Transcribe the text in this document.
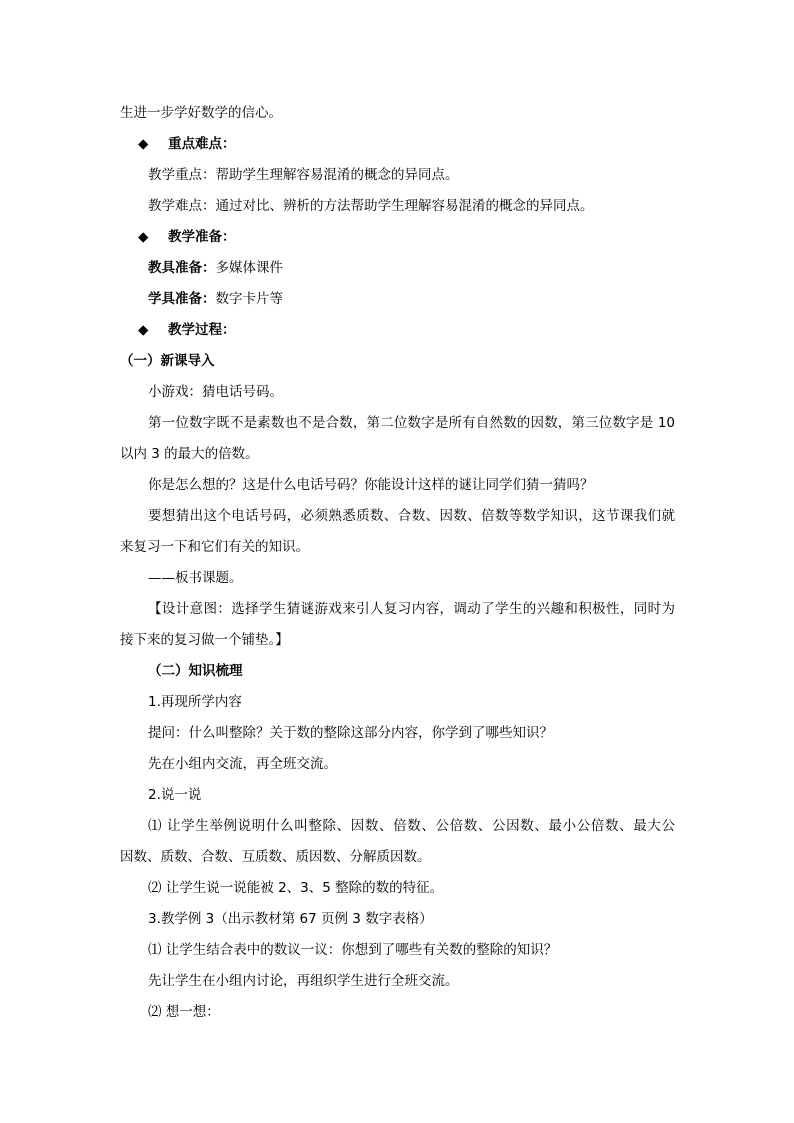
生进一步学好数学的信心。
◆ 重点难点：
教学重点：帮助学生理解容易混淆的概念的异同点。
教学难点：通过对比、辨析的方法帮助学生理解容易混淆的概念的异同点。
◆ 教学准备：
教具准备：多媒体课件
学具准备：数字卡片等
◆ 教学过程：
（一）新课导入
小游戏：猜电话号码。
第一位数字既不是素数也不是合数，第二位数字是所有自然数的因数，第三位数字是 10
以内 3 的最大的倍数。
你是怎么想的？这是什么电话号码？你能设计这样的谜让同学们猜一猜吗？
要想猜出这个电话号码，必须熟悉质数、合数、因数、倍数等数学知识，这节课我们就
来复习一下和它们有关的知识。
——板书课题。
【设计意图：选择学生猜谜游戏来引人复习内容，调动了学生的兴趣和积极性，同时为
接下来的复习做一个铺垫。】
（二）知识梳理
1.再现所学内容
提问：什么叫整除？关于数的整除这部分内容，你学到了哪些知识？
先在小组内交流，再全班交流。
2.说一说
⑴ 让学生举例说明什么叫整除、因数、倍数、公倍数、公因数、最小公倍数、最大公
因数、质数、合数、互质数、质因数、分解质因数。
⑵ 让学生说一说能被 2、3、5 整除的数的特征。
3.教学例 3（出示教材第 67 页例 3 数字表格）
⑴ 让学生结合表中的数议一议：你想到了哪些有关数的整除的知识？
先让学生在小组内讨论，再组织学生进行全班交流。
⑵ 想一想：
